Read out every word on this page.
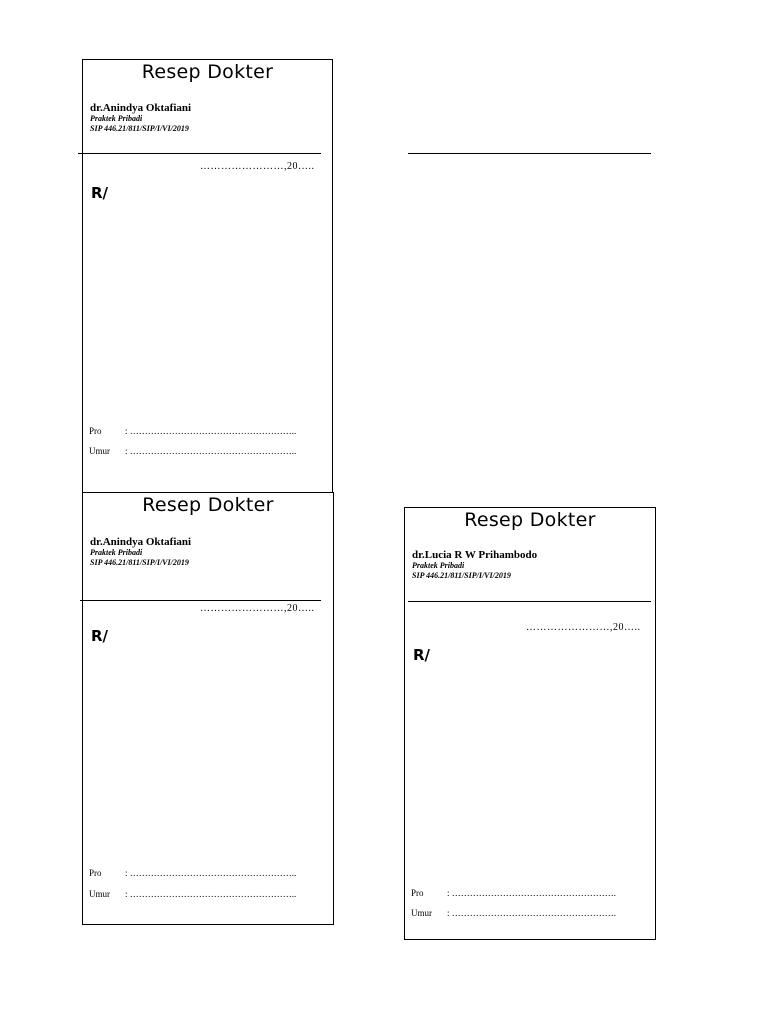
Resep Dokter
dr.Anindya Oktafiani
Praktek Pribadi
SIP 446.21/811/SIP/I/VI/2019
……………………,20…..
R/
Pro	: ………………………………………………..
Umur : ………………………………………………..
Resep Dokter
dr.Anindya Oktafiani
Praktek Pribadi
SIP 446.21/811/SIP/I/VI/2019
……………………,20…..
R/
Pro	: ………………………………………………..
Umur : ………………………………………………..
Resep Dokter
dr.Lucia R W Prihambodo
Praktek Pribadi
SIP 446.21/811/SIP/I/VI/2019
……………………,20…..
R/
Pro	: ……………………………………………….
Umur : ……………………………………………….
